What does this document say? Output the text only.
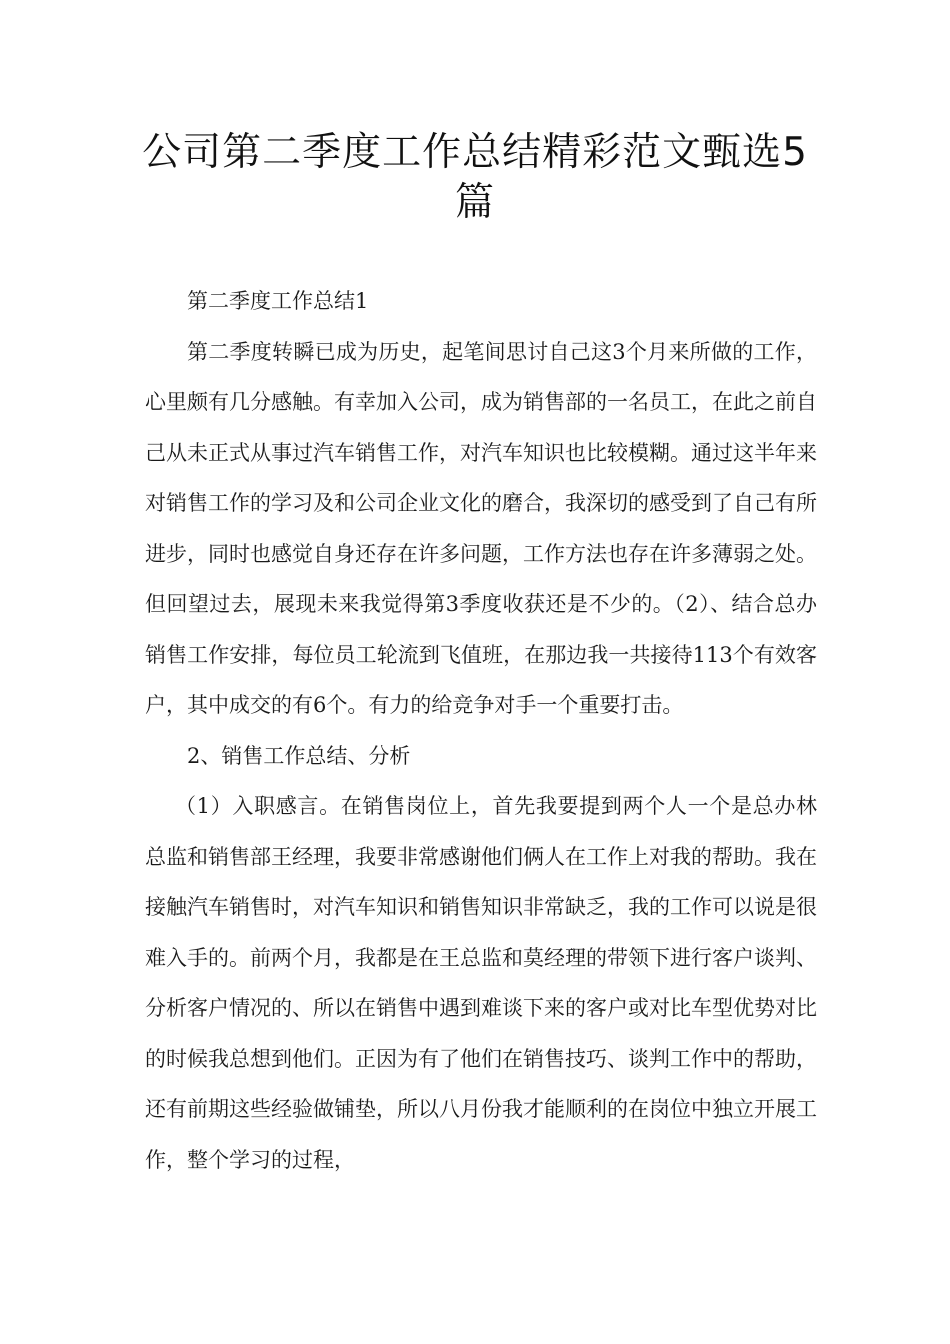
公司第二季度工作总结精彩范文甄选5篇

第二季度工作总结1

第二季度转瞬已成为历史，起笔间思讨自己这3个月来所做的工作，心里颇有几分感触。有幸加入公司，成为销售部的一名员工，在此之前自己从未正式从事过汽车销售工作，对汽车知识也比较模糊。通过这半年来对销售工作的学习及和公司企业文化的磨合，我深切的感受到了自己有所进步，同时也感觉自身还存在许多问题，工作方法也存在许多薄弱之处。但回望过去，展现未来我觉得第3季度收获还是不少的。（2）、结合总办销售工作安排，每位员工轮流到飞值班，在那边我一共接待113个有效客户，其中成交的有6个。有力的给竞争对手一个重要打击。

2、销售工作总结、分析

（1）入职感言。在销售岗位上，首先我要提到两个人一个是总办林总监和销售部王经理，我要非常感谢他们俩人在工作上对我的帮助。我在接触汽车销售时，对汽车知识和销售知识非常缺乏，我的工作可以说是很难入手的。前两个月，我都是在王总监和莫经理的带领下进行客户谈判、分析客户情况的、所以在销售中遇到难谈下来的客户或对比车型优势对比的时候我总想到他们。正因为有了他们在销售技巧、谈判工作中的帮助，还有前期这些经验做铺垫，所以八月份我才能顺利的在岗位中独立开展工作，整个学习的过程，
